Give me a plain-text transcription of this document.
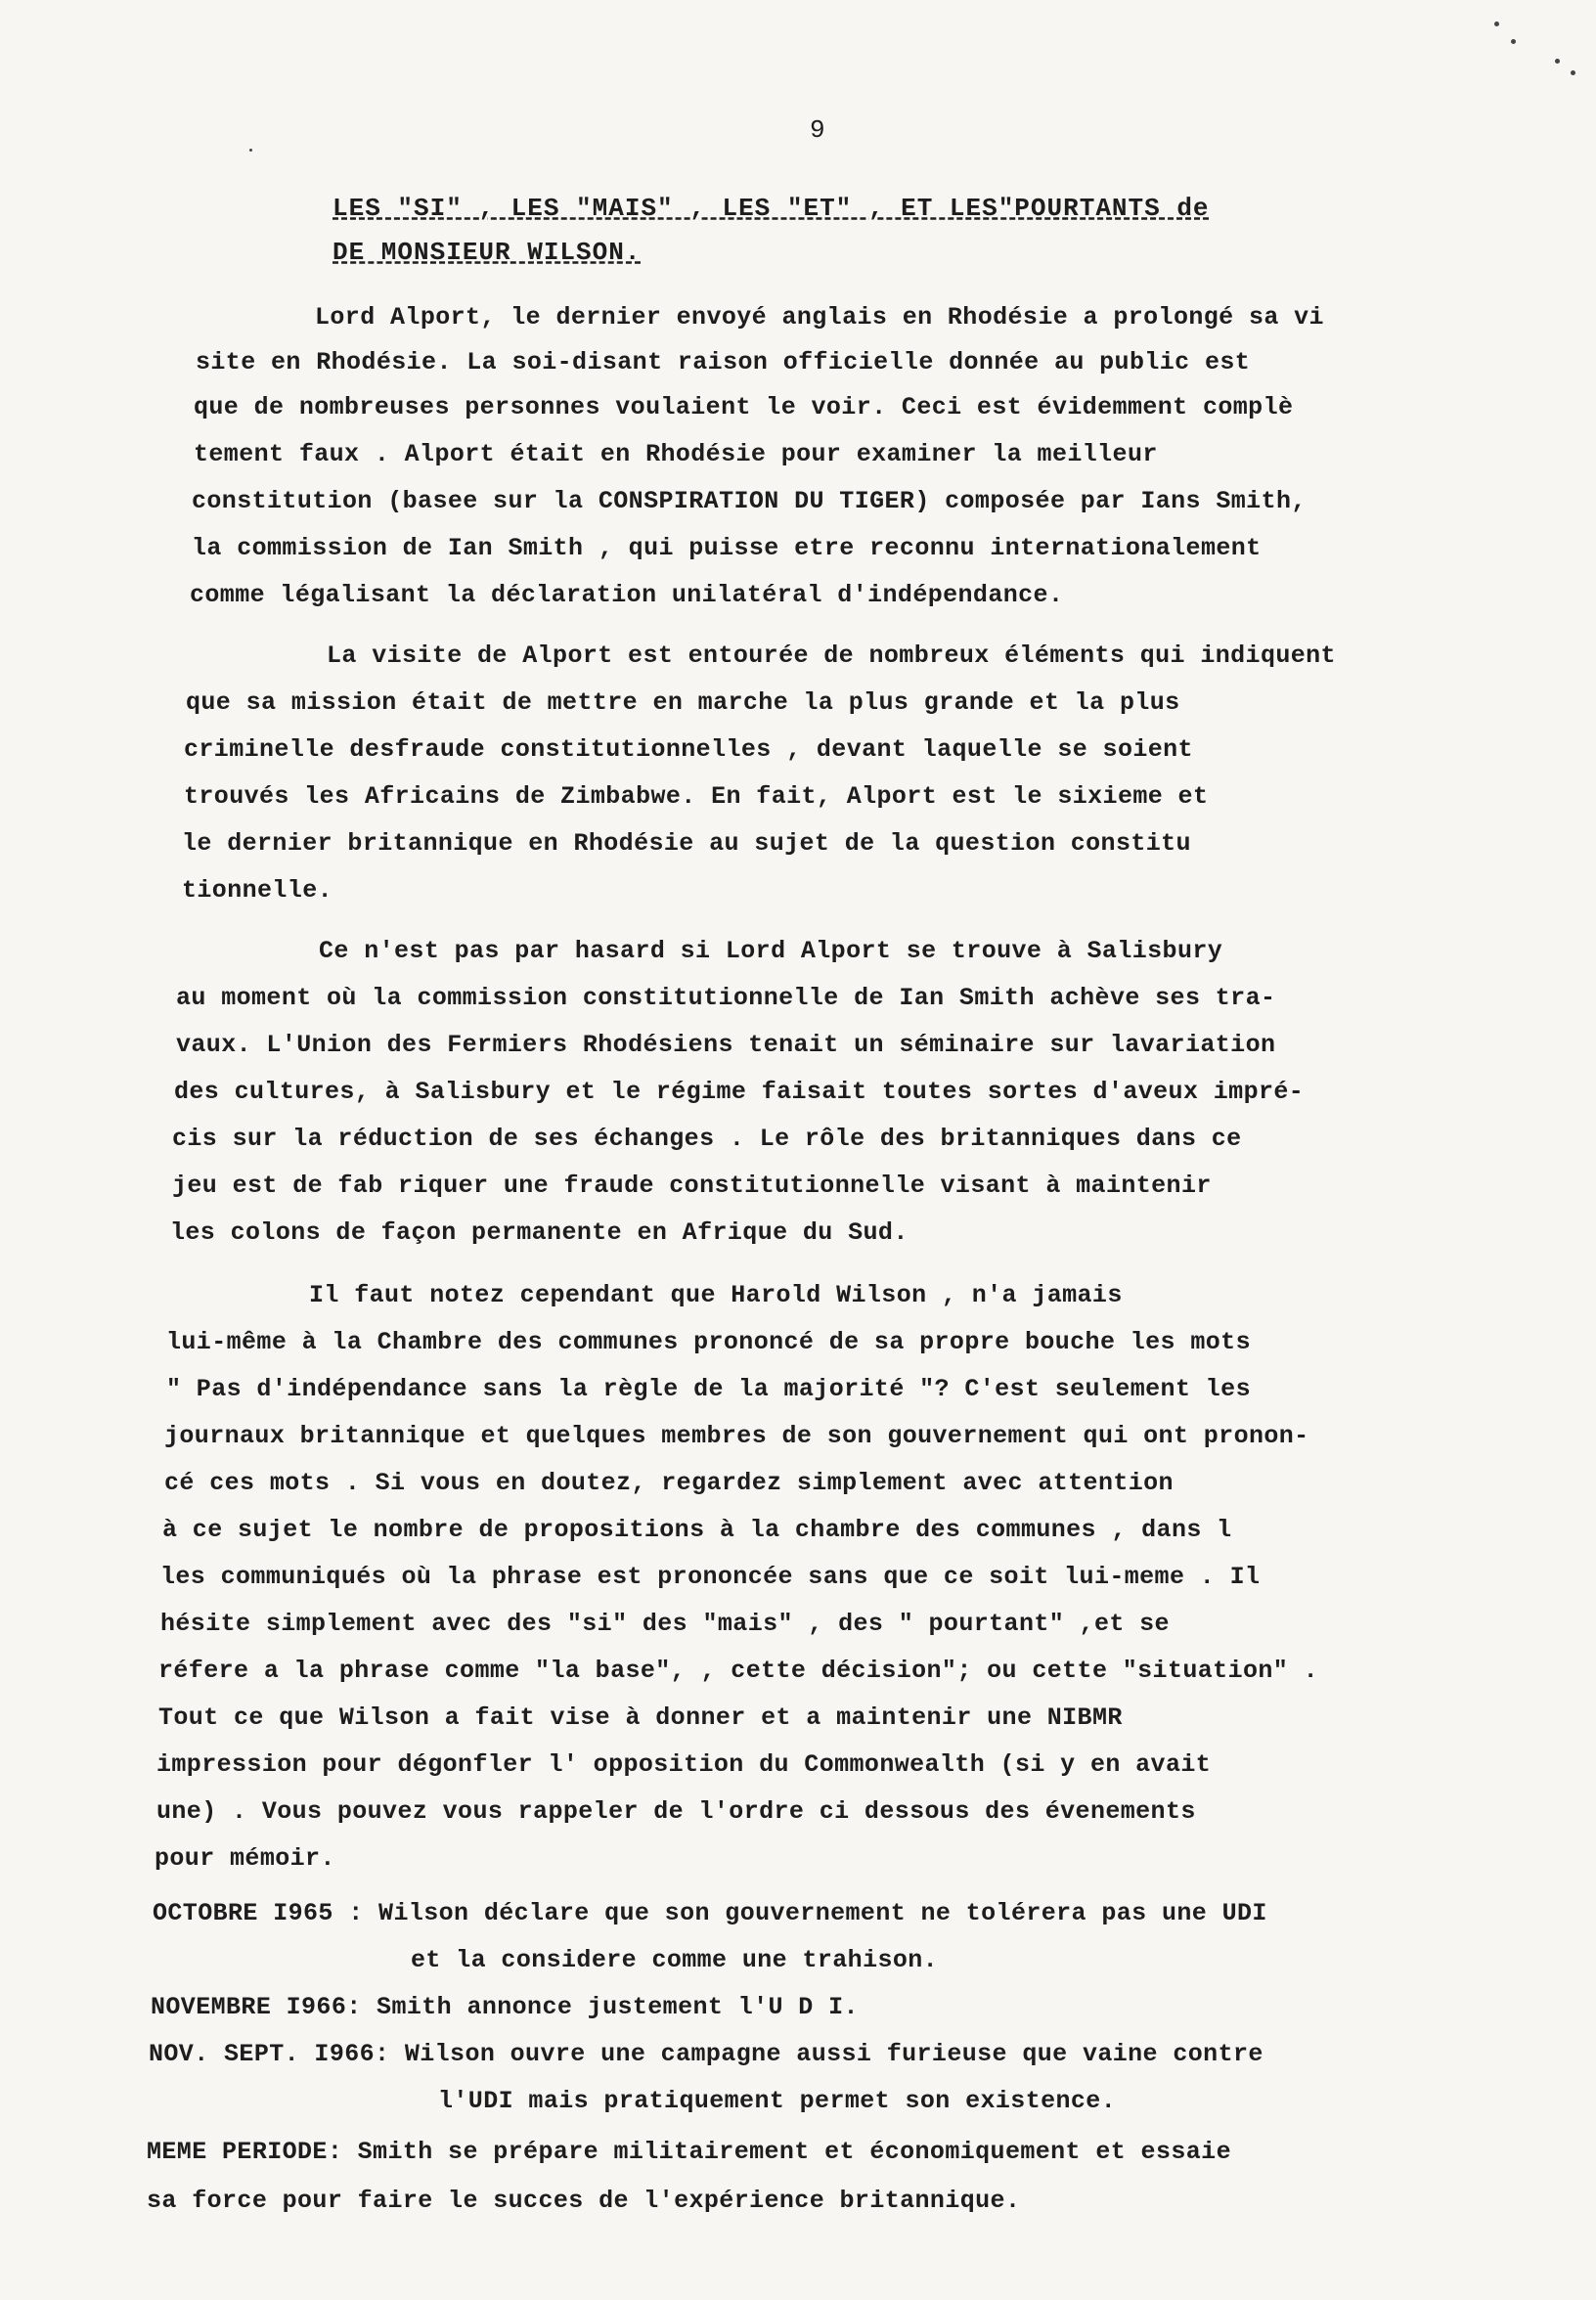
9
LES "SI" , LES "MAIS" , LES "ET" , ET LES"POURTANTS de
DE MONSIEUR WILSON.
Lord Alport, le dernier envoyé anglais en Rhodésie a prolongé sa vi
site en Rhodésie. La soi-disant raison officielle donnée au public est
que de nombreuses personnes voulaient le voir. Ceci est évidemment complè
tement faux . Alport était en Rhodésie pour examiner la meilleur
constitution (basee sur la CONSPIRATION DU TIGER) composée par Ians Smith,
la commission de Ian Smith , qui puisse etre reconnu internationalement
comme légalisant la déclaration unilatéral d'indépendance.
La visite de Alport est entourée de nombreux éléments qui indiquent
que sa mission était de mettre en marche la plus grande et la plus
criminelle desfraude constitutionnelles , devant laquelle se soient
trouvés les Africains de Zimbabwe. En fait, Alport est le sixieme et
le dernier britannique en Rhodésie au sujet de la question constitu
tionnelle.
Ce n'est pas par hasard si Lord Alport se trouve à Salisbury
au moment où la commission constitutionnelle de Ian Smith achève ses tra-
vaux. L'Union des Fermiers Rhodésiens tenait un séminaire sur lavariation
des cultures, à Salisbury et le régime faisait toutes sortes d'aveux impré-
cis sur la réduction de ses échanges . Le rôle des britanniques dans ce
jeu est de fab riquer une fraude constitutionnelle visant à maintenir
les colons de façon permanente en Afrique du Sud.
Il faut notez cependant que Harold Wilson , n'a jamais
lui-même à la Chambre des communes prononcé de sa propre bouche les mots
" Pas d'indépendance sans la règle de la majorité "? C'est seulement les
journaux britannique et quelques membres de son gouvernement qui ont pronon-
cé ces mots . Si vous en doutez, regardez simplement avec attention
à ce sujet le nombre de propositions à la chambre des communes , dans l
les communiqués où la phrase est prononcée sans que ce soit lui-meme . Il
hésite simplement avec des "si" des "mais" , des " pourtant" ,et se
réfere a la phrase comme "la base", , cette décision"; ou cette "situation" .
Tout ce que Wilson a fait vise à donner et a maintenir une NIBMR
impression pour dégonfler l' opposition du Commonwealth (si y en avait
une) . Vous pouvez vous rappeler de l'ordre ci dessous des évenements
pour mémoir.
OCTOBRE I965 : Wilson déclare que son gouvernement ne tolérera pas une UDI
et la considere comme une trahison.
NOVEMBRE I966: Smith annonce justement l'U D I.
NOV. SEPT. I966: Wilson ouvre une campagne aussi furieuse que vaine contre
l'UDI mais pratiquement permet son existence.
MEME PERIODE: Smith se prépare militairement et économiquement et essaie
sa force pour faire le succes de l'expérience britannique.
